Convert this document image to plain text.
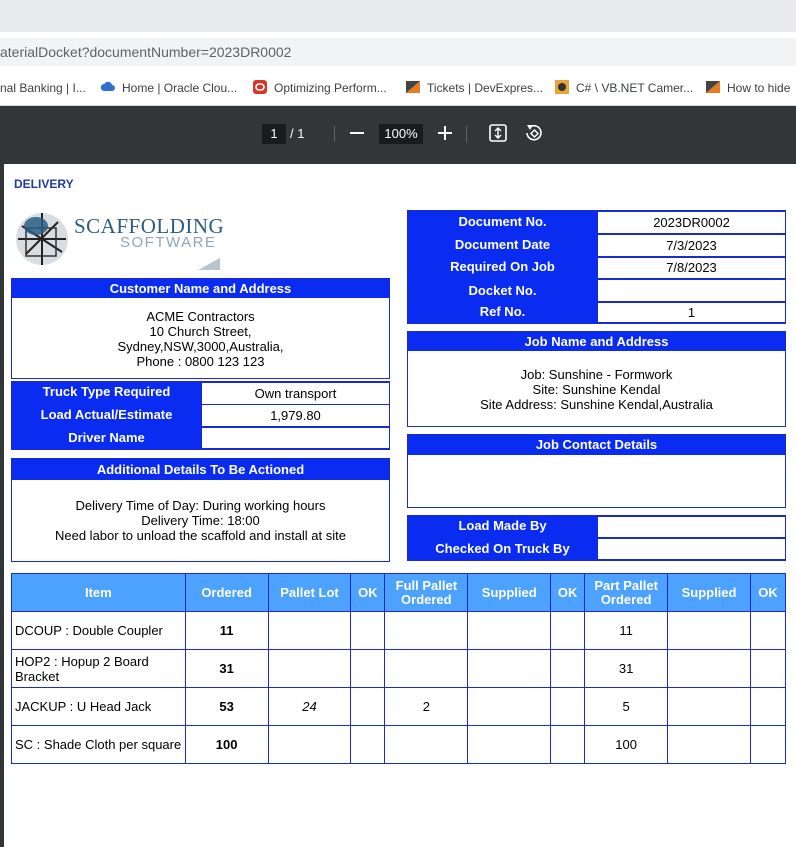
aterialDocket?documentNumber=2023DR0002
nal Banking | I...	Home | Oracle Clou...	Optimizing Perform...	Tickets | DevExpres...	C# \ VB.NET Camer...	How to hide
1 / 1	100%
DELIVERY
SCAFFOLDING
SOFTWARE
Customer Name and Address
ACME Contractors
10 Church Street,
Sydney,NSW,3000,Australia,
Phone : 0800 123 123
Truck Type Required	Own transport
Load Actual/Estimate	1,979.80
Driver Name
Additional Details To Be Actioned
Delivery Time of Day: During working hours
Delivery Time: 18:00
Need labor to unload the scaffold and install at site
Document No.	2023DR0002
Document Date	7/3/2023
Required On Job	7/8/2023
Docket No.
Ref No.	1
Job Name and Address
Job: Sunshine - Formwork
Site: Sunshine Kendal
Site Address: Sunshine Kendal,Australia
Job Contact Details
Load Made By
Checked On Truck By
Item	Ordered	Pallet Lot	OK	Full Pallet Ordered	Supplied	OK	Part Pallet Ordered	Supplied	OK
DCOUP : Double Coupler	11						11		
HOP2 : Hopup 2 Board Bracket	31						31		
JACKUP : U Head Jack	53	24		2			5		
SC : Shade Cloth per square	100						100		
